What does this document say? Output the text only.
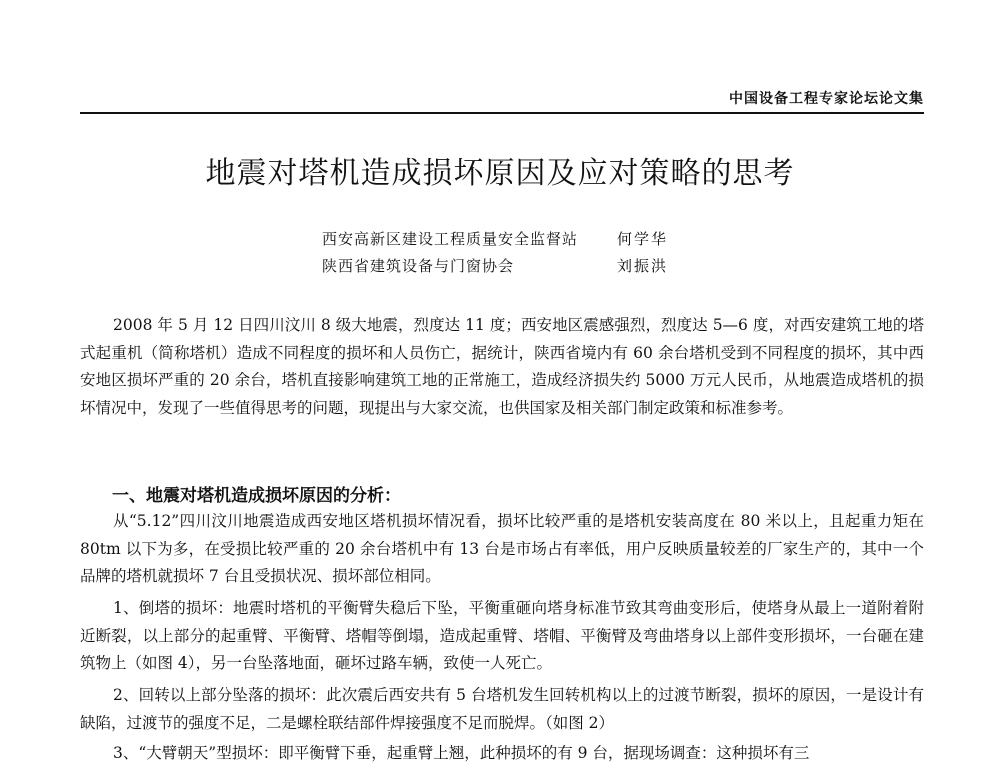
中国设备工程专家论坛论文集

地震对塔机造成损坏原因及应对策略的思考
西安高新区建设工程质量安全监督站	何学华
陕西省建筑设备与门窗协会	刘振洪

2008 年 5 月 12 日四川汶川 8 级大地震，烈度达 11 度；西安地区震感强烈，烈度达 5—6 度，对西安建筑工地的塔式起重机（简称塔机）造成不同程度的损坏和人员伤亡，据统计，陕西省境内有 60 余台塔机受到不同程度的损坏，其中西安地区损坏严重的 20 余台，塔机直接影响建筑工地的正常施工，造成经济损失约 5000 万元人民币，从地震造成塔机的损坏情况中，发现了一些值得思考的问题，现提出与大家交流，也供国家及相关部门制定政策和标准参考。

一、地震对塔机造成损坏原因的分析：

从“5.12”四川汶川地震造成西安地区塔机损坏情况看，损坏比较严重的是塔机安装高度在 80 米以上，且起重力矩在 80tm 以下为多，在受损比较严重的 20 余台塔机中有 13 台是市场占有率低，用户反映质量较差的厂家生产的，其中一个品牌的塔机就损坏 7 台且受损状况、损坏部位相同。

1、倒塔的损坏：地震时塔机的平衡臂失稳后下坠，平衡重砸向塔身标准节致其弯曲变形后，使塔身从最上一道附着附近断裂，以上部分的起重臂、平衡臂、塔帽等倒塌，造成起重臂、塔帽、平衡臂及弯曲塔身以上部件变形损坏，一台砸在建筑物上（如图 4），另一台坠落地面，砸坏过路车辆，致使一人死亡。

2、回转以上部分坠落的损坏：此次震后西安共有 5 台塔机发生回转机构以上的过渡节断裂，损坏的原因，一是设计有缺陷，过渡节的强度不足，二是螺栓联结部件焊接强度不足而脱焊。（如图 2）

3、“大臂朝天”型损坏：即平衡臂下垂，起重臂上翘，此种损坏的有 9 台，据现场调查：这种损坏有三
